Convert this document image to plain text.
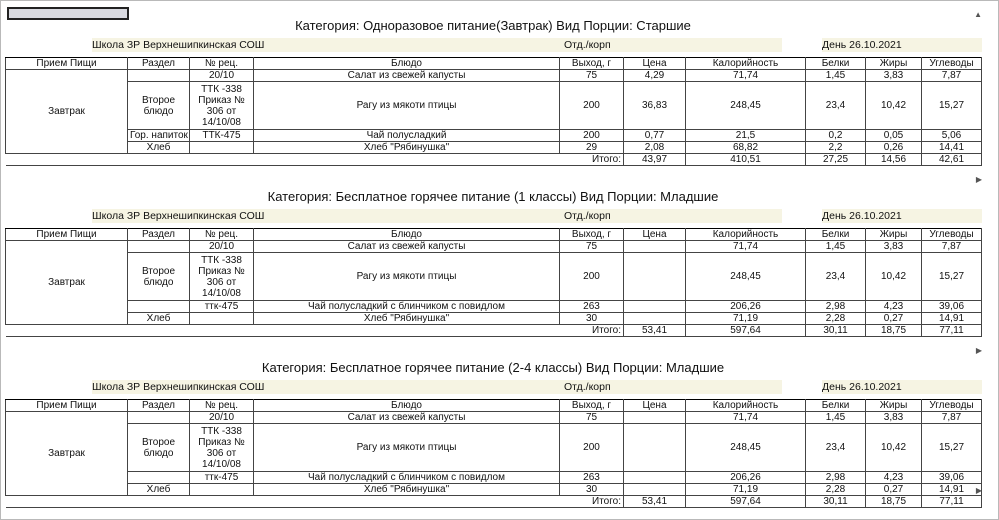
▲
▶
▶
▶
Категория: Одноразовое питание(Завтрак) Вид Порции: Старшие
Школа ЗР Верхнешипкинская СОШ	Отд./корп	День 26.10.2021
Прием Пищи	Раздел	№ рец.	Блюдо	Выход, г	Цена	Калорийность	Белки	Жиры	Углеводы
Завтрак		20/10	Салат из свежей капусты	75	4,29	71,74	1,45	3,83	7,87
	Второе блюдо	ТТК -338 Приказ № 306 от 14/10/08	Рагу из мякоти птицы	200	36,83	248,45	23,4	10,42	15,27
	Гор. напиток	ТТК-475	Чай полусладкий	200	0,77	21,5	0,2	0,05	5,06
	Хлеб		Хлеб "Рябинушка"	29	2,08	68,82	2,2	0,26	14,41
Итого:					43,97	410,51	27,25	14,56	42,61
Категория: Бесплатное горячее питание (1 классы) Вид Порции: Младшие
Школа ЗР Верхнешипкинская СОШ	Отд./корп	День 26.10.2021
Прием Пищи	Раздел	№ рец.	Блюдо	Выход, г	Цена	Калорийность	Белки	Жиры	Углеводы
Завтрак		20/10	Салат из свежей капусты	75		71,74	1,45	3,83	7,87
	Второе блюдо	ТТК -338 Приказ № 306 от 14/10/08	Рагу из мякоти птицы	200		248,45	23,4	10,42	15,27
		ттк-475	Чай полусладкий с блинчиком с повидлом	263		206,26	2,98	4,23	39,06
	Хлеб		Хлеб "Рябинушка"	30		71,19	2,28	0,27	14,91
Итого:					53,41	597,64	30,11	18,75	77,11
Категория: Бесплатное горячее питание (2-4 классы) Вид Порции: Младшие
Школа ЗР Верхнешипкинская СОШ	Отд./корп	День 26.10.2021
Прием Пищи	Раздел	№ рец.	Блюдо	Выход, г	Цена	Калорийность	Белки	Жиры	Углеводы
Завтрак		20/10	Салат из свежей капусты	75		71,74	1,45	3,83	7,87
	Второе блюдо	ТТК -338 Приказ № 306 от 14/10/08	Рагу из мякоти птицы	200		248,45	23,4	10,42	15,27
		ттк-475	Чай полусладкий с блинчиком с повидлом	263		206,26	2,98	4,23	39,06
	Хлеб		Хлеб "Рябинушка"	30		71,19	2,28	0,27	14,91
Итого:					53,41	597,64	30,11	18,75	77,11
